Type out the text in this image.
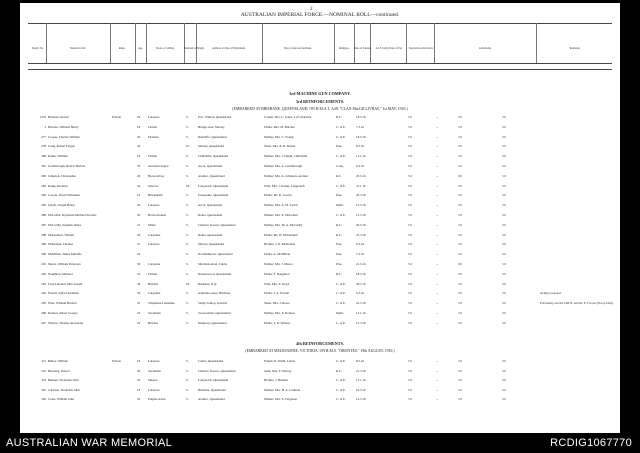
2
AUSTRALIAN IMPERIAL FORCE.—NOMINAL ROLL—continued.
Regtl. No.	Names in full.	Rank.	Age.	Trade or Calling.	Married or Single.	Address at time of Enlistment.	Next of kin and Address.	Religion.	Date of Joining.	A.I.F. Daily Rate of Pay	Separation Allowance	Allotments	Remarks.
3rd MACHINE GUN COMPANY.
3rd REINFORCEMENTS.
(EMBARKED AT BRISBANE, QUEENSLAND, ON H.M.A.T. A48, "CLAN MacGILLIVRAY," 1st MAY, 1916.)
1276 Brennan, Robert	Private	22 Labourer	S.	P.O., Winton, Queensland	Cousin, Mrs. L. Jones, 4 of Charlotte	R.C.	18.3.16	5 0	...	3 0	3 0
3 Butcher, William Henry	18 Farmer	S.	Bridge-road, Maclay	Father, Mrs. M. Butcher	C. of E.	7.3.16	5 0	...	3 0	3 0
277 Cooper, Charles William	29 Fireman	S.	Redcliffe, Queensland	Mother, Mrs. C. Young	C. of E.	18.3.16	5 0	...	3 0	3 0
278 Craig, Robert Fergus	43	W.	Maclay, Queensland	Sister, Mrs. R. R. Baxter	Pres.	8.2.16	5 0	...	3 0	3 0
280 Dakin, William	19 Farmer	S.	Chinchilla, Queensland	Mother, Mrs. J. Dakin, Chinchilla	C. of E.	11.1.16	5 0	...	3 0	3 0
281 Goldsbrough, Robert Herbert	35 Assistant draper	S.	Ascot, Queensland	Mother, Mrs. A. Goldsbrough	Cong.	6.3.16	5 0	...	3 0	3 0
282 Johnston, Christopher	26 Horse-driver	S.	Aramac, Queensland	Mother, Mrs. A. Johnston, Aramac	R.C.	25.3.16	5 0	...	3 0	3 0
283 Kemp, Richard	32 Selector	M.	Longreach, Queensland	Wife, Mrs. J. Kemp, Longreach	C. of E.	21.1.16	5 0	...	3 0	3 0
284 Lowrie, David Whittaker	19 Blacksmith	S.	Proserpine, Queensland	Father, Mr. R. Lowrie	Pres.	29.3.16	5 0	...	3 0	3 0
285 Lynch, Joseph Henry	20 Labourer	S.	Ascot, Queensland	Mother, Mrs. A. M. Lynch	Meth.	15.3.16	5 0	...	3 0	3 0
286 McLellan, Raymond Michael Stevens	20 Horse-breaker	S.	Roma, Queensland	Mother, Mrs. E. McLellan	C. of E.	15.3.16	5 0	...	3 0	3 0
287 McCarthy, Stephen James	21 Miner	S.	Charters Towers, Queensland	Mother, Mrs. M. A. McCarthy	R.C.	29.3.16	5 0	...	3 0	3 0
288 McDermott, Wiliam	29 Carpenter	S.	Roma, Queensland	Father, Mr. W. McDermott	R.C.	25.3.16	5 0	...	3 0	3 0
289 McKenzie, Thomas	27 Labourer	S.	Maclay, Queensland	Brother, J. R. McKenzie	Pres.	6.3.16	5 0	...	3 0	3 0
290 McMillan, James Melville	24	S.	Rockhampton, Queensland	Father, A. McMillan	Pres.	7.3.16	5 0	...	3 0	3 0
291 Meara, William Patterson	30 Carpenter	S.	Sheridan-street, Cairns	Mother, Mrs. J. Meara	Pres.	21.3.16	5 0	...	3 0	3 0
292 Naughton, Michael	23 Farmer	S.	Ravenswood, Queensland	Father, T. Naughton	R.C.	18.3.16	5 0	...	3 0	3 0
293 Lloyd, Robert John Joseph	38 Butcher	M.	Brisbane, N.Q.	Wife, Mrs. P. Lloyd	C. of E.	29.3.16	5 0	...	3 0	3 0
294 Powell, Alfred Jonathan	32 Carpenter	S.	Adelaide-street, Brisbane	Father, J. A. Powell	C. of E.	6.3.16	5 0	...	3 0	3 0	Acting Corporal.
295 Prest, William Herbert	25 Telephone Linesman	S.	Sandy Gallop, Ipswich	Sister, Mrs. J. Rowe	C. of E.	22.3.16	5 0	...	3 0	3 0	Previously served with N. and M. E. Forces (Troop Unit).
296 Robson, Albert George	22 Stockman	S.	Toowoomba, Queensland	Mother, Mrs. E. Robson	Meth.	13.1.16	5 0	...	3 0	3 0
297 Watlow, Thomas Alexander	22 Butcher	S.	Kingaroy, Queensland	Father, T. R. Watlow	C. of E.	15.3.16	5 0	...	3 0	3 0
4th REINFORCEMENTS.
(EMBARKED AT MELBOURNE, VICTORIA, ON R.M.S. "ORONTES," 19th AUGUST, 1916.)
321 Bailey, William	Private	19 Labourer	S.	Cairns, Queensland	Friend, R. Smith, Cairns	C. of E.	8.5.16	5 0	...	3 0	3 0
322 Beresing, Robert	20 Stockman	S.	Charters Towers, Queensland	Aunt, Mrs. E. Harvey	R.C.	21.3.16	5 0	...	3 0	3 0
323 Bennett, Frederick John	29 Shearer	S.	Longreach, Queensland	Brother, J. Bennett	C. of E.	15.1.16	5 0	...	3 0	3 0
325 Carleton, Frederick John	18 Labourer	S.	Brisbane, Queensland	Mother, Mrs. H. A. Carleton	C. of E.	19.3.16	5 0	...	3 0	3 0
326 Coles, William John	29 Engine-driver	S.	Aramac, Queensland	Mother, Mrs. E. Ferguson	C. of E.	12.3.16	5 0	...	3 0	3 0
AUSTRALIAN WAR MEMORIAL	RCDIG1067770
